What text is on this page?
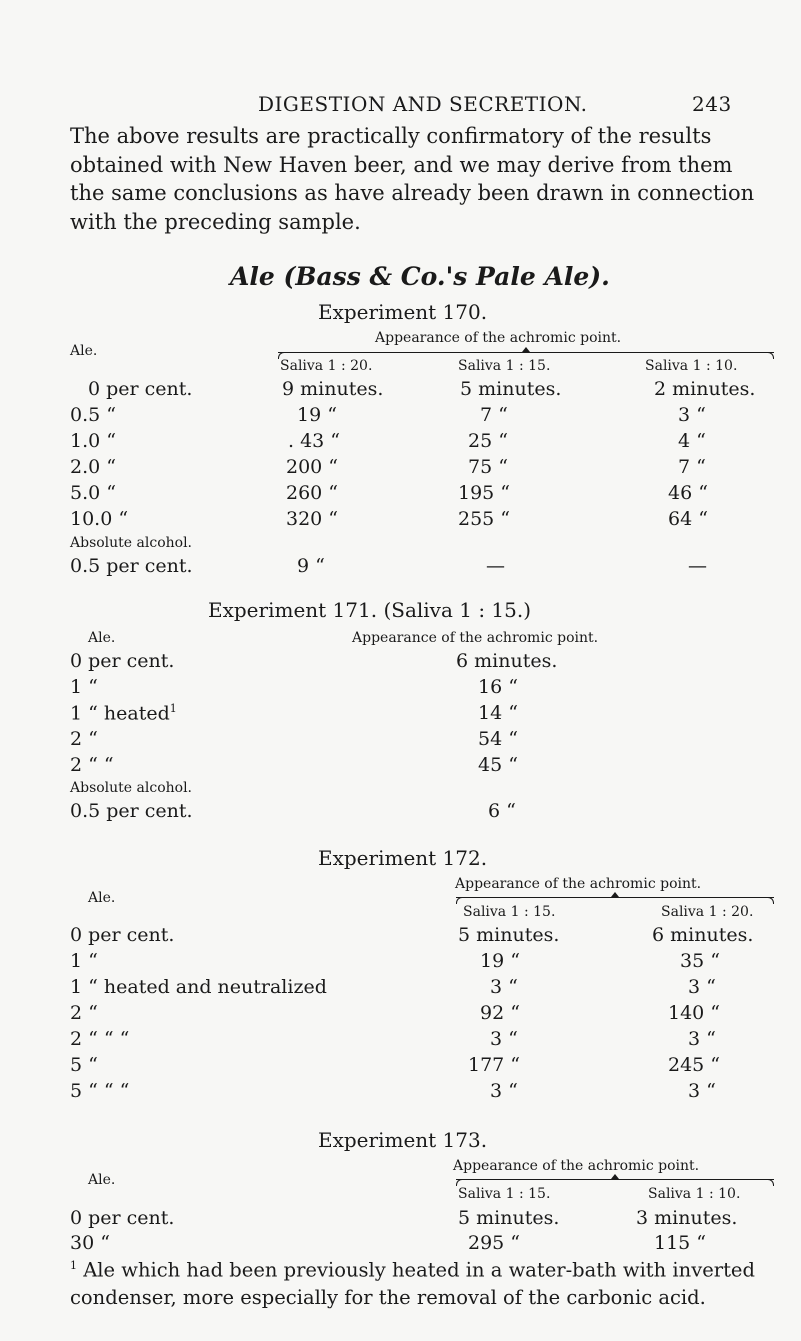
DIGESTION AND SECRETION.	243
The above results are practically confirmatory of the results
obtained with New Haven beer, and we may derive from them
the same conclusions as have already been drawn in connection
with the preceding sample.
Ale (Bass & Co.'s Pale Ale).
Experiment 170.
Appearance of the achromic point.
Ale.
Saliva 1 : 20.	Saliva 1 : 15.	Saliva 1 : 10.
0 per cent.	9 minutes.	5 minutes.	2 minutes.
0.5 “	19 “	7 “	3 “
1.0 “	. 43 “	25 “	4 “
2.0 “	200 “	75 “	7 “
5.0 “	260 “	195 “	46 “
10.0 “	320 “	255 “	64 “
Absolute alcohol.
0.5 per cent.	9 “	—	—
Experiment 171. (Saliva 1 : 15.)
Ale.	Appearance of the achromic point.
0 per cent.	6 minutes.
1 “	16 “
1 “ heated$^1$	14 “
2 “	54 “
2 “ “	45 “
Absolute alcohol.
0.5 per cent.	6 “
Experiment 172.
Appearance of the achromic point.
Ale.
Saliva 1 : 15.	Saliva 1 : 20.
0 per cent.	5 minutes.	6 minutes.
1 “	19 “	35 “
1 “ heated and neutralized	3 “	3 “
2 “	92 “	140 “
2 “ “ “	3 “	3 “
5 “	177 “	245 “
5 “ “ “	3 “	3 “
Experiment 173.
Appearance of the achromic point.
Ale.
Saliva 1 : 15.	Saliva 1 : 10.
0 per cent.	5 minutes.	3 minutes.
30 “	295 “	115 “
$^1$ Ale which had been previously heated in a water-bath with inverted
condenser, more especially for the removal of the carbonic acid.
